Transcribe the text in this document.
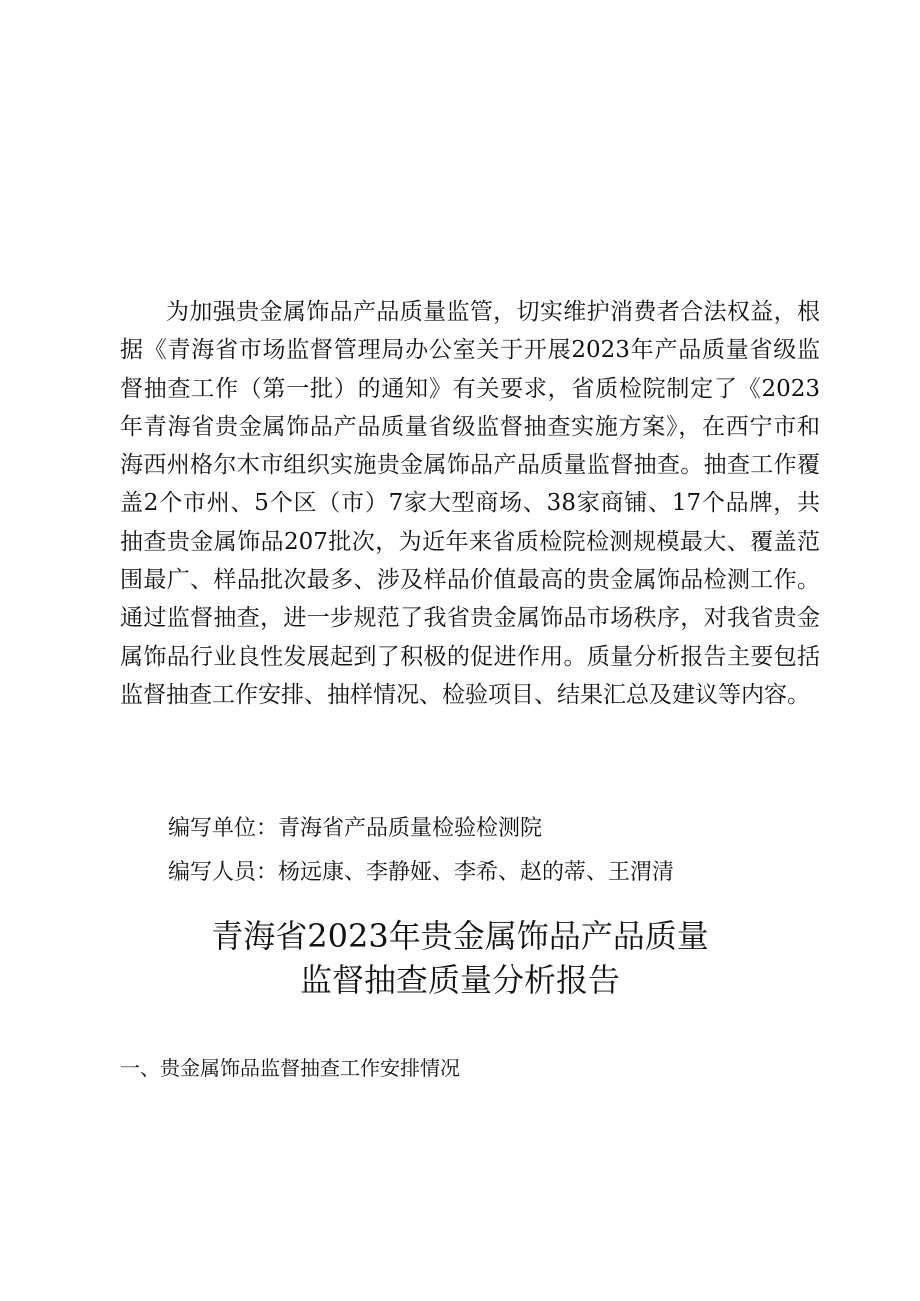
为加强贵金属饰品产品质量监管，切实维护消费者合法权益，根据《青海省市场监督管理局办公室关于开展2023年产品质量省级监督抽查工作（第一批）的通知》有关要求，省质检院制定了《2023年青海省贵金属饰品产品质量省级监督抽查实施方案》，在西宁市和海西州格尔木市组织实施贵金属饰品产品质量监督抽查。抽查工作覆盖2个市州、5个区（市）7家大型商场、38家商铺、17个品牌，共抽查贵金属饰品207批次，为近年来省质检院检测规模最大、覆盖范围最广、样品批次最多、涉及样品价值最高的贵金属饰品检测工作。通过监督抽查，进一步规范了我省贵金属饰品市场秩序，对我省贵金属饰品行业良性发展起到了积极的促进作用。质量分析报告主要包括监督抽查工作安排、抽样情况、检验项目、结果汇总及建议等内容。

编写单位：青海省产品质量检验检测院

编写人员：杨远康、李静娅、李希、赵的蒂、王渭清

青海省2023年贵金属饰品产品质量
监督抽查质量分析报告
一、贵金属饰品监督抽查工作安排情况
